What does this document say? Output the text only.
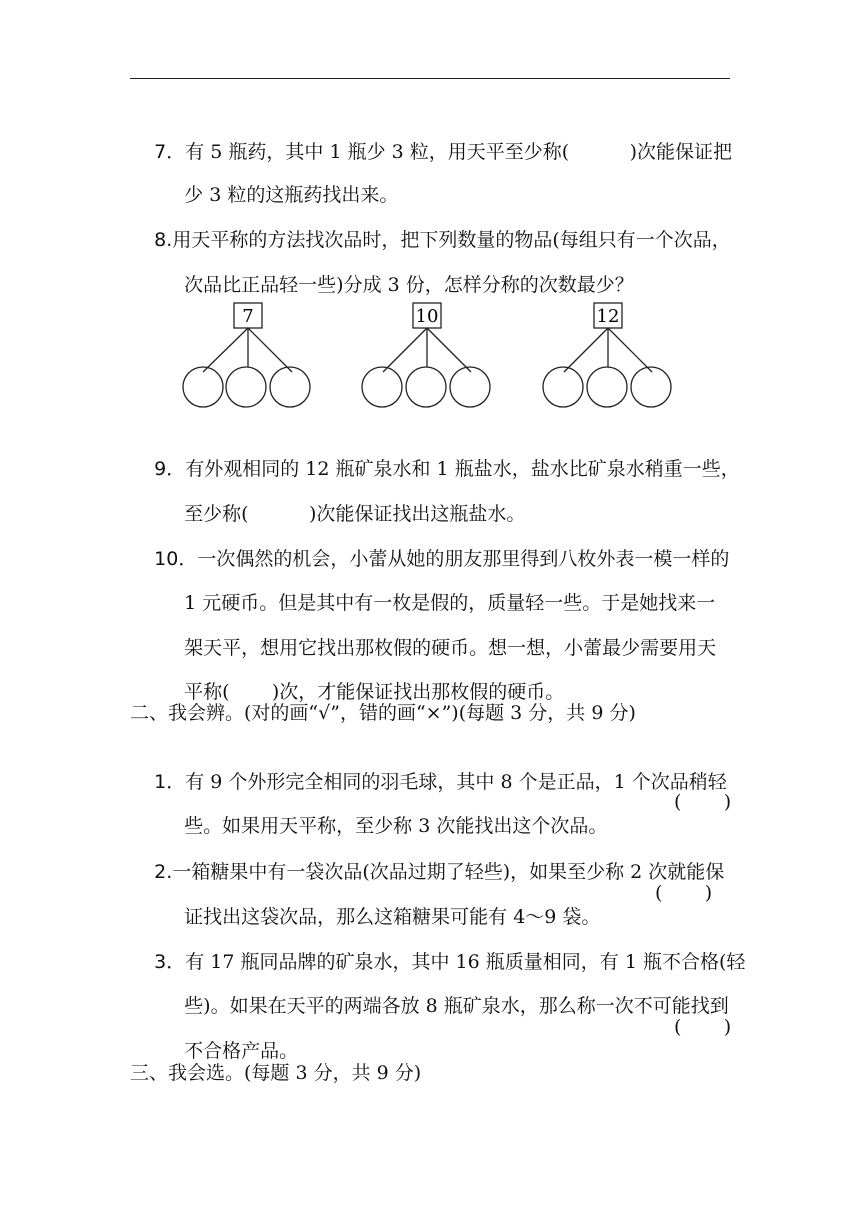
7．有 5 瓶药，其中 1 瓶少 3 粒，用天平至少称(          )次能保证把

少 3 粒的这瓶药找出来。

8.用天平称的方法找次品时，把下列数量的物品(每组只有一个次品，

次品比正品轻一些)分成 3 份，怎样分称的次数最少？

7	10	12

9．有外观相同的 12 瓶矿泉水和 1 瓶盐水，盐水比矿泉水稍重一些，

至少称(          )次能保证找出这瓶盐水。

10．一次偶然的机会，小蕾从她的朋友那里得到八枚外表一模一样的

1 元硬币。但是其中有一枚是假的，质量轻一些。于是她找来一

架天平，想用它找出那枚假的硬币。想一想，小蕾最少需要用天

平称(       )次，才能保证找出那枚假的硬币。

二、我会辨。(对的画“√”，错的画“×”)(每题 3 分，共 9 分)

1．有 9 个外形完全相同的羽毛球，其中 8 个是正品，1 个次品稍轻

些。如果用天平称，至少称 3 次能找出这个次品。

(       )

2.一箱糖果中有一袋次品(次品过期了轻些)，如果至少称 2 次就能保

证找出这袋次品，那么这箱糖果可能有 4～9 袋。

(       )

3．有 17 瓶同品牌的矿泉水，其中 16 瓶质量相同，有 1 瓶不合格(轻

些)。如果在天平的两端各放 8 瓶矿泉水，那么称一次不可能找到

不合格产品。

(       )
三、我会选。(每题 3 分，共 9 分)
